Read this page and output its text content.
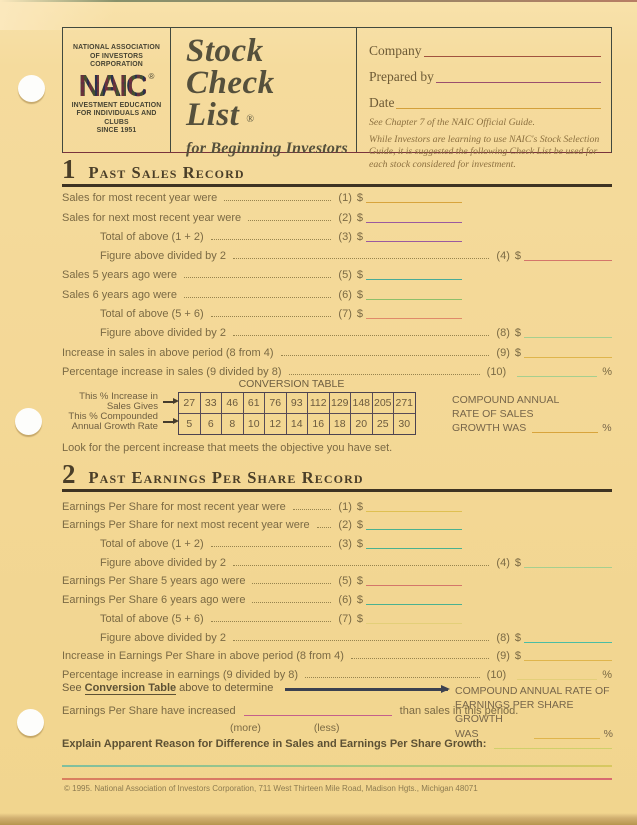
NATIONAL ASSOCIATION
OF INVESTORS CORPORATION
NAIC ®
INVESTMENT EDUCATION
FOR INDIVIDUALS AND CLUBS
SINCE 1951
Stock
Check
List ®
for Beginning Investors
Company
Prepared by
Date
See Chapter 7 of the NAIC Official Guide.
While Investors are learning to use NAIC's Stock Selection Guide, it is suggested the following Check List be used for each stock considered for investment.
1 Past Sales Record
Sales for most recent year were	(1) $
Sales for next most recent year were	(2) $
Total of above (1 + 2)	(3) $
Figure above divided by 2	(4) $
Sales 5 years ago were	(5) $
Sales 6 years ago were	(6) $
Total of above (5 + 6)	(7) $
Figure above divided by 2	(8) $
Increase in sales in above period (8 from 4)	(9) $
Percentage increase in sales (9 divided by 8)	(10)	%
CONVERSION TABLE
This % Increase in
Sales Gives
This % Compounded
Annual Growth Rate
27 33 46 61 76 93 112 129 148 205 271
5	6	8	10 12 14 16 18 20 25 30
COMPOUND ANNUAL
RATE OF SALES
GROWTH WAS	%
Look for the percent increase that meets the objective you have set.
2 Past Earnings Per Share Record
Earnings Per Share for most recent year were	(1) $
Earnings Per Share for next most recent year were	(2) $
Total of above (1 + 2)	(3) $
Figure above divided by 2	(4) $
Earnings Per Share 5 years ago were	(5) $
Earnings Per Share 6 years ago were	(6) $
Total of above (5 + 6)	(7) $
Figure above divided by 2	(8) $
Increase in Earnings Per Share in above period (8 from 4)	(9) $
Percentage increase in earnings (9 divided by 8)	(10)	%
See Conversion Table above to determine	COMPOUND ANNUAL RATE OF
EARNINGS PER SHARE
GROWTH WAS	%
Earnings Per Share have increased	than sales in this period.
(more)	(less)
Explain Apparent Reason for Difference in Sales and Earnings Per Share Growth:
© 1995. National Association of Investors Corporation, 711 West Thirteen Mile Road, Madison Hgts., Michigan 48071
